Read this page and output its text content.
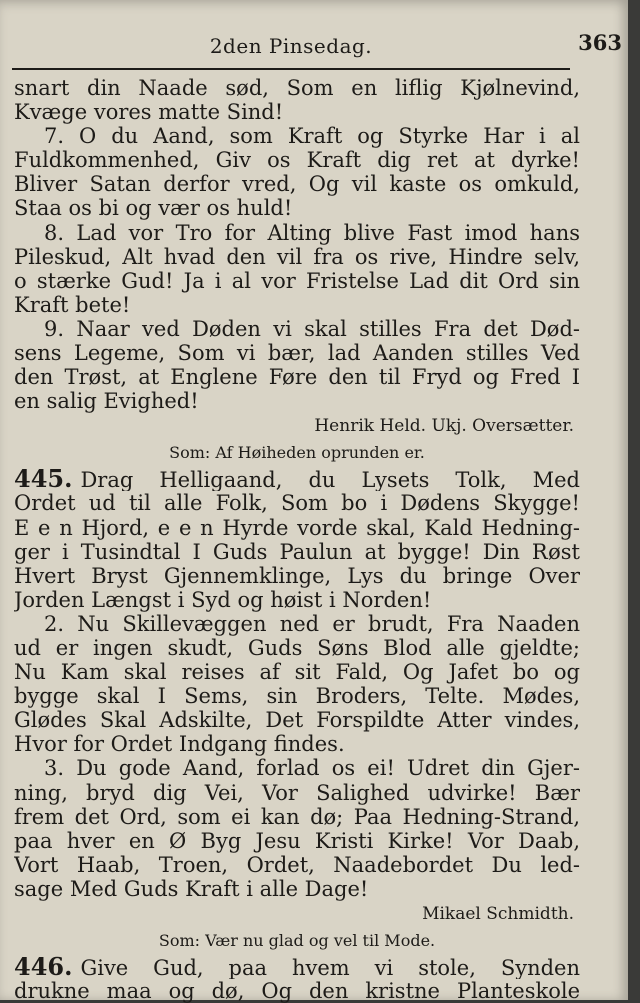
2den Pinsedag.	363
snart din Naade sød, Som en liflig Kjølnevind,
Kvæge vores matte Sind!
7. O du Aand, som Kraft og Styrke Har i al
Fuldkommenhed, Giv os Kraft dig ret at dyrke!
Bliver Satan derfor vred, Og vil kaste os omkuld,
Staa os bi og vær os huld!
8. Lad vor Tro for Alting blive Fast imod hans
Pileskud, Alt hvad den vil fra os rive, Hindre selv,
o stærke Gud! Ja i al vor Fristelse Lad dit Ord sin
Kraft bete!
9. Naar ved Døden vi skal stilles Fra det Død-
sens Legeme, Som vi bær, lad Aanden stilles Ved
den Trøst, at Englene Føre den til Fryd og Fred I
en salig Evighed!
Henrik Held. Ukj. Oversætter.
Som: Af Høiheden oprunden er.
445. Drag Helligaand, du Lysets Tolk, Med
Ordet ud til alle Folk, Som bo i Dødens Skygge!
E e n Hjord, e e n Hyrde vorde skal, Kald Hedning-
ger i Tusindtal I Guds Paulun at bygge! Din Røst
Hvert Bryst Gjennemklinge, Lys du bringe Over
Jorden Længst i Syd og høist i Norden!
2. Nu Skillevæggen ned er brudt, Fra Naaden
ud er ingen skudt, Guds Søns Blod alle gjeldte;
Nu Kam skal reises af sit Fald, Og Jafet bo og
bygge skal I Sems, sin Broders, Telte. Mødes,
Glødes Skal Adskilte, Det Forspildte Atter vindes,
Hvor for Ordet Indgang findes.
3. Du gode Aand, forlad os ei! Udret din Gjer-
ning, bryd dig Vei, Vor Salighed udvirke! Bær
frem det Ord, som ei kan dø; Paa Hedning-Strand,
paa hver en Ø Byg Jesu Kristi Kirke! Vor Daab,
Vort Haab, Troen, Ordet, Naadebordet Du led-
sage Med Guds Kraft i alle Dage!
Mikael Schmidth.
Som: Vær nu glad og vel til Mode.
446. Give Gud, paa hvem vi stole, Synden
drukne maa og dø, Og den kristne Planteskole
